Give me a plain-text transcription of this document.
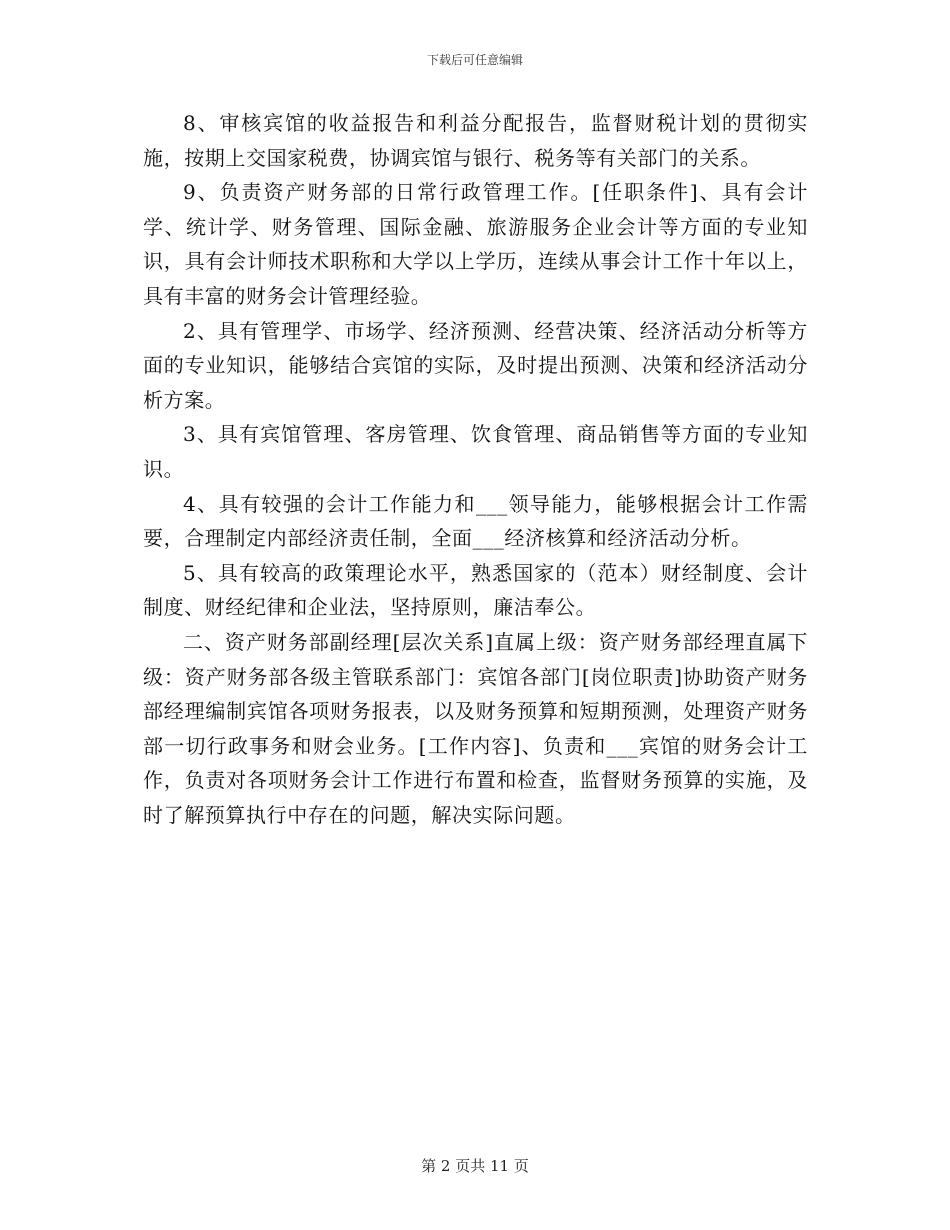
下载后可任意编辑

8、审核宾馆的收益报告和利益分配报告，监督财税计划的贯彻实施，按期上交国家税费，协调宾馆与银行、税务等有关部门的关系。

9、负责资产财务部的日常行政管理工作。[任职条件]、具有会计学、统计学、财务管理、国际金融、旅游服务企业会计等方面的专业知识，具有会计师技术职称和大学以上学历，连续从事会计工作十年以上，具有丰富的财务会计管理经验。

2、具有管理学、市场学、经济预测、经营决策、经济活动分析等方面的专业知识，能够结合宾馆的实际，及时提出预测、决策和经济活动分析方案。

3、具有宾馆管理、客房管理、饮食管理、商品销售等方面的专业知识。

4、具有较强的会计工作能力和___领导能力，能够根据会计工作需要，合理制定内部经济责任制，全面___经济核算和经济活动分析。

5、具有较高的政策理论水平，熟悉国家的（范本）财经制度、会计制度、财经纪律和企业法，坚持原则，廉洁奉公。

二、资产财务部副经理[层次关系]直属上级：资产财务部经理直属下级：资产财务部各级主管联系部门：宾馆各部门[岗位职责]协助资产财务部经理编制宾馆各项财务报表，以及财务预算和短期预测，处理资产财务部一切行政事务和财会业务。[工作内容]、负责和___宾馆的财务会计工作，负责对各项财务会计工作进行布置和检查，监督财务预算的实施，及时了解预算执行中存在的问题，解决实际问题。

第 2 页共 11 页
